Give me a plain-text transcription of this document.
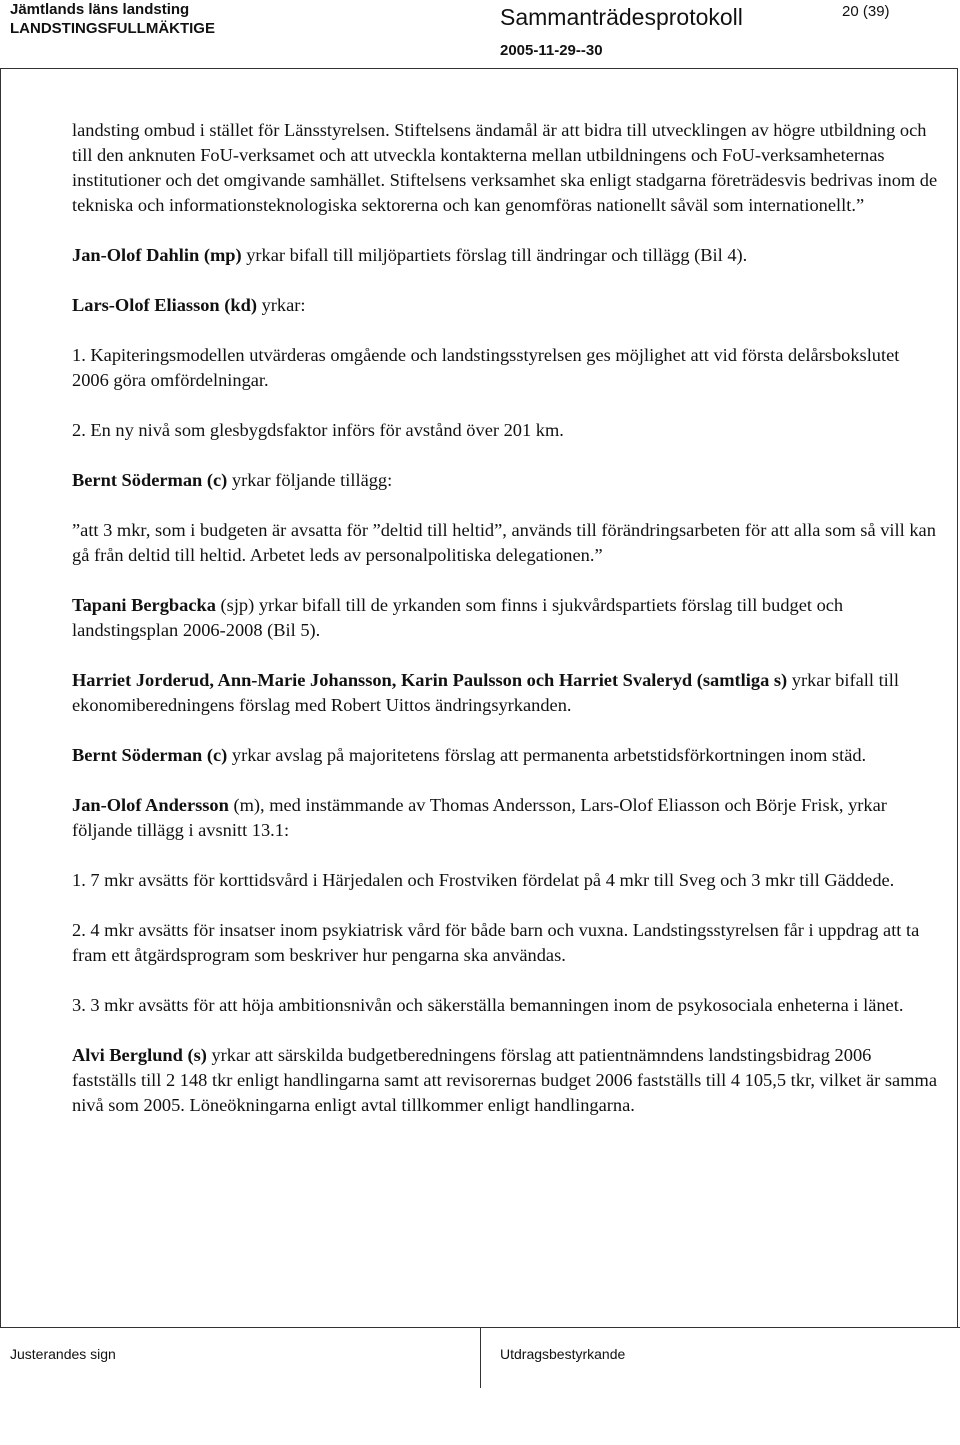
Jämtlands läns landsting
LANDSTINGSFULLMÄKTIGE	Sammanträdesprotokoll
2005-11-29--30
20 (39)

landsting ombud i stället för Länsstyrelsen. Stiftelsens ändamål är att bidra till utvecklingen av högre utbildning och till den anknuten FoU-verksamet och att utveckla kontakterna mellan utbildningens och FoU-verksamheternas institutioner och det omgivande samhället. Stiftelsens verksamhet ska enligt stadgarna företrädesvis bedrivas inom de tekniska och informationsteknologiska sektorerna och kan genomföras nationellt såväl som internationellt.”

Jan-Olof Dahlin (mp) yrkar bifall till miljöpartiets förslag till ändringar och tillägg (Bil 4).

Lars-Olof Eliasson (kd) yrkar:

1. Kapiteringsmodellen utvärderas omgående och landstingsstyrelsen ges möjlighet att vid första delårsbokslutet 2006 göra omfördelningar.

2. En ny nivå som glesbygdsfaktor införs för avstånd över 201 km.

Bernt Söderman (c) yrkar följande tillägg:

”att 3 mkr, som i budgeten är avsatta för ”deltid till heltid”, används till förändringsarbeten för att alla som så vill kan gå från deltid till heltid. Arbetet leds av personalpolitiska delegationen.”

Tapani Bergbacka (sjp) yrkar bifall till de yrkanden som finns i sjukvårdspartiets förslag till budget och landstingsplan 2006-2008 (Bil 5).

Harriet Jorderud, Ann-Marie Johansson, Karin Paulsson och Harriet Svaleryd (samtliga s) yrkar bifall till ekonomiberedningens förslag med Robert Uittos ändringsyrkanden.

Bernt Söderman (c) yrkar avslag på majoritetens förslag att permanenta arbetstidsförkortningen inom städ.

Jan-Olof Andersson (m), med instämmande av Thomas Andersson, Lars-Olof Eliasson och Börje Frisk, yrkar följande tillägg i avsnitt 13.1:

1. 7 mkr avsätts för korttidsvård i Härjedalen och Frostviken fördelat på 4 mkr till Sveg och 3 mkr till Gäddede.

2. 4 mkr avsätts för insatser inom psykiatrisk vård för både barn och vuxna. Landstingsstyrelsen får i uppdrag att ta fram ett åtgärdsprogram som beskriver hur pengarna ska användas.

3. 3 mkr avsätts för att höja ambitionsnivån och säkerställa bemanningen inom de psykosociala enheterna i länet.

Alvi Berglund (s) yrkar att särskilda budgetberedningens förslag att patientnämndens landstingsbidrag 2006 fastställs till 2 148 tkr enligt handlingarna samt att revisorernas budget 2006 fastställs till 4 105,5 tkr, vilket är samma nivå som 2005. Löneökningarna enligt avtal tillkommer enligt handlingarna.

Justerandes sign	Utdragsbestyrkande
